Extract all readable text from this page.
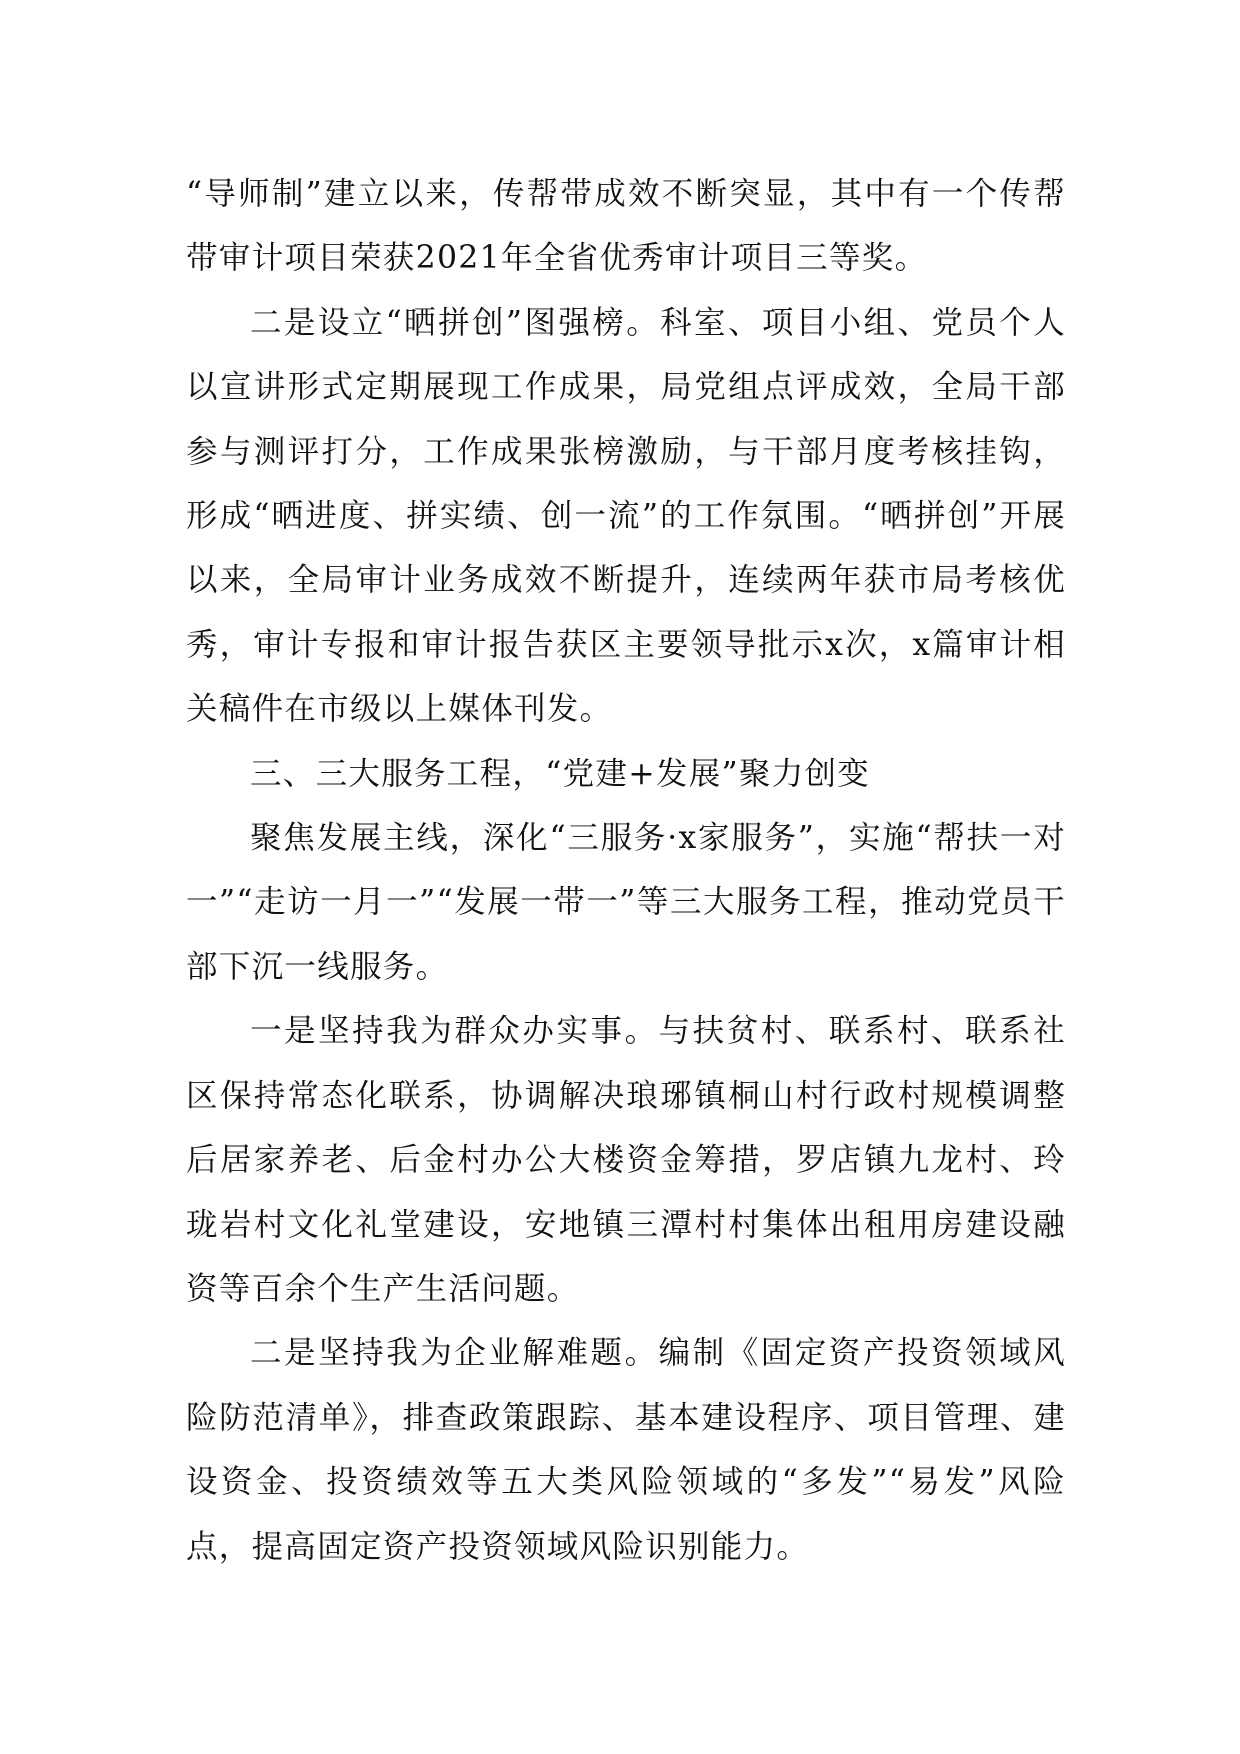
“导师制”建立以来，传帮带成效不断突显，其中有一个传帮带审计项目荣获2021年全省优秀审计项目三等奖。

二是设立“晒拼创”图强榜。科室、项目小组、党员个人以宣讲形式定期展现工作成果，局党组点评成效，全局干部参与测评打分，工作成果张榜激励，与干部月度考核挂钩，形成“晒进度、拼实绩、创一流”的工作氛围。“晒拼创”开展以来，全局审计业务成效不断提升，连续两年获市局考核优秀，审计专报和审计报告获区主要领导批示x次，x篇审计相关稿件在市级以上媒体刊发。

三、三大服务工程，“党建+发展”聚力创变

聚焦发展主线，深化“三服务·x家服务”，实施“帮扶一对一”“走访一月一”“发展一带一”等三大服务工程，推动党员干部下沉一线服务。

一是坚持我为群众办实事。与扶贫村、联系村、联系社区保持常态化联系，协调解决琅琊镇桐山村行政村规模调整后居家养老、后金村办公大楼资金筹措，罗店镇九龙村、玲珑岩村文化礼堂建设，安地镇三潭村村集体出租用房建设融资等百余个生产生活问题。

二是坚持我为企业解难题。编制《固定资产投资领域风险防范清单》，排查政策跟踪、基本建设程序、项目管理、建设资金、投资绩效等五大类风险领域的“多发”“易发”风险点，提高固定资产投资领域风险识别能力。
